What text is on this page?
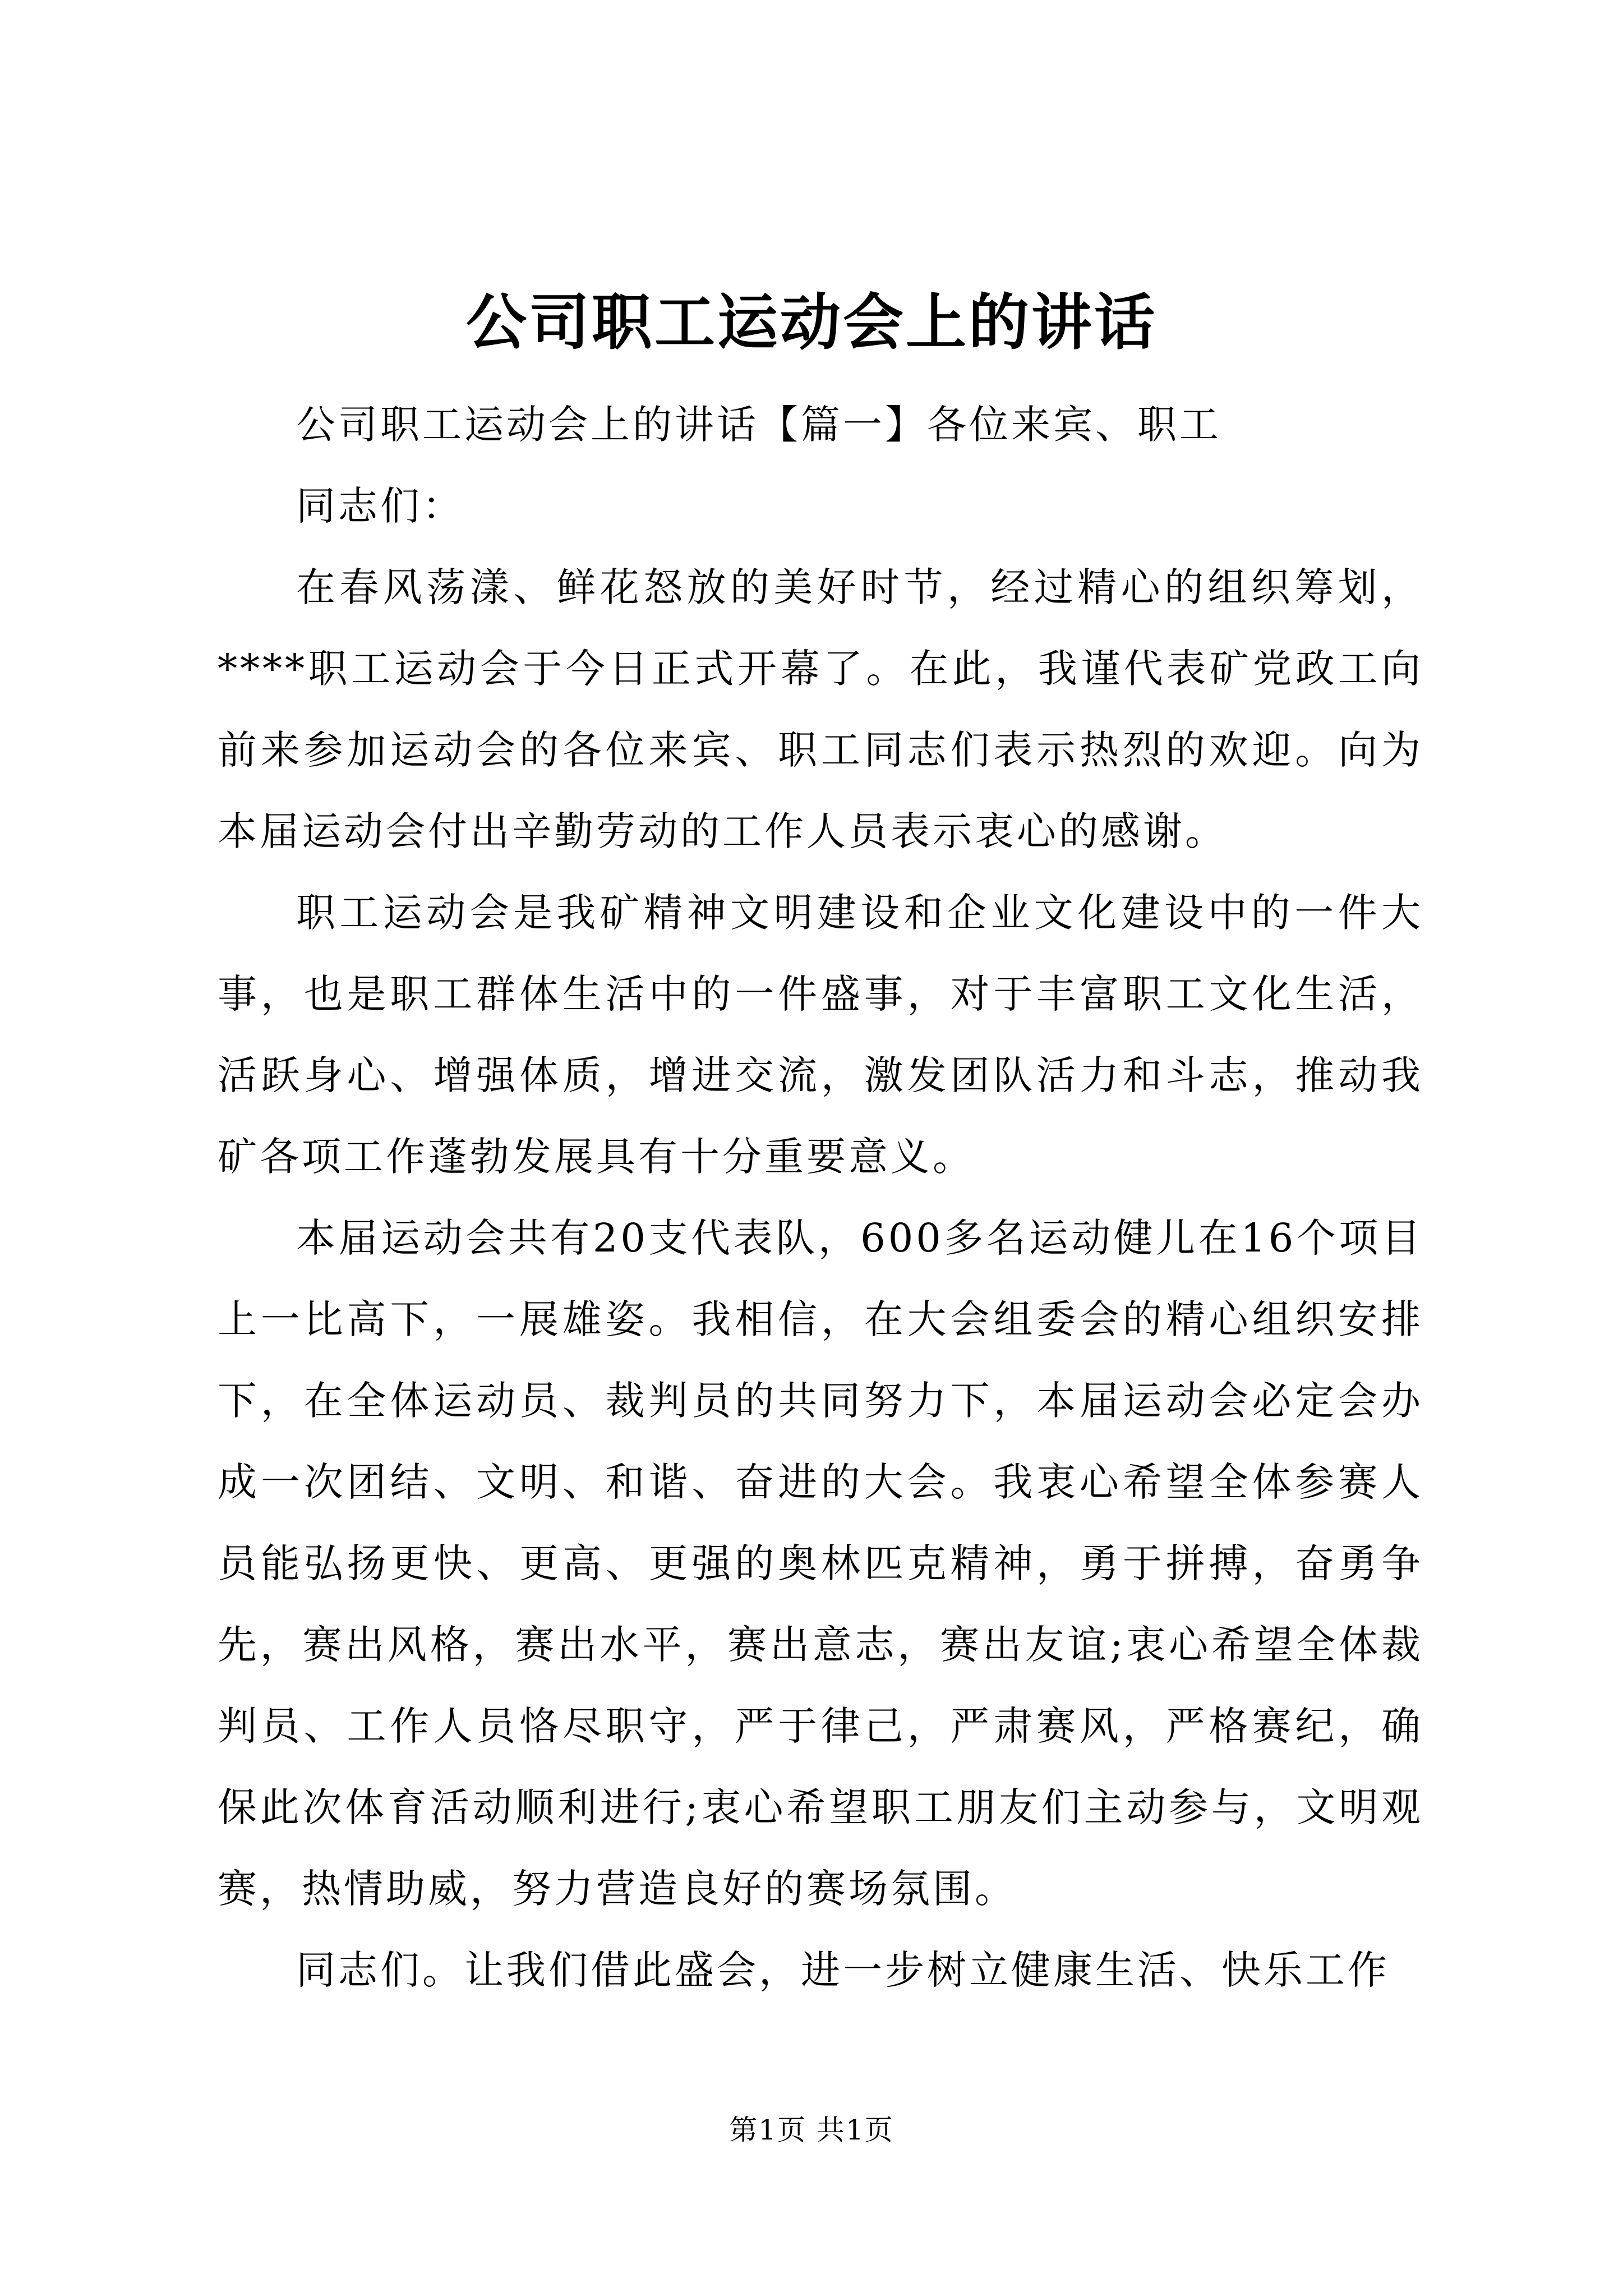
公司职工运动会上的讲话

公司职工运动会上的讲话【篇一】各位来宾、职工

同志们：

在春风荡漾、鲜花怒放的美好时节，经过精心的组织筹划，****职工运动会于今日正式开幕了。在此，我谨代表矿党政工向前来参加运动会的各位来宾、职工同志们表示热烈的欢迎。向为本届运动会付出辛勤劳动的工作人员表示衷心的感谢。

职工运动会是我矿精神文明建设和企业文化建设中的一件大事，也是职工群体生活中的一件盛事，对于丰富职工文化生活，活跃身心、增强体质，增进交流，激发团队活力和斗志，推动我矿各项工作蓬勃发展具有十分重要意义。

本届运动会共有20支代表队，600多名运动健儿在16个项目上一比高下，一展雄姿。我相信，在大会组委会的精心组织安排下，在全体运动员、裁判员的共同努力下，本届运动会必定会办成一次团结、文明、和谐、奋进的大会。我衷心希望全体参赛人员能弘扬更快、更高、更强的奥林匹克精神，勇于拼搏，奋勇争先，赛出风格，赛出水平，赛出意志，赛出友谊;衷心希望全体裁判员、工作人员恪尽职守，严于律己，严肃赛风，严格赛纪，确保此次体育活动顺利进行;衷心希望职工朋友们主动参与，文明观赛，热情助威，努力营造良好的赛场氛围。

同志们。让我们借此盛会，进一步树立健康生活、快乐工作

第1页 共1页
